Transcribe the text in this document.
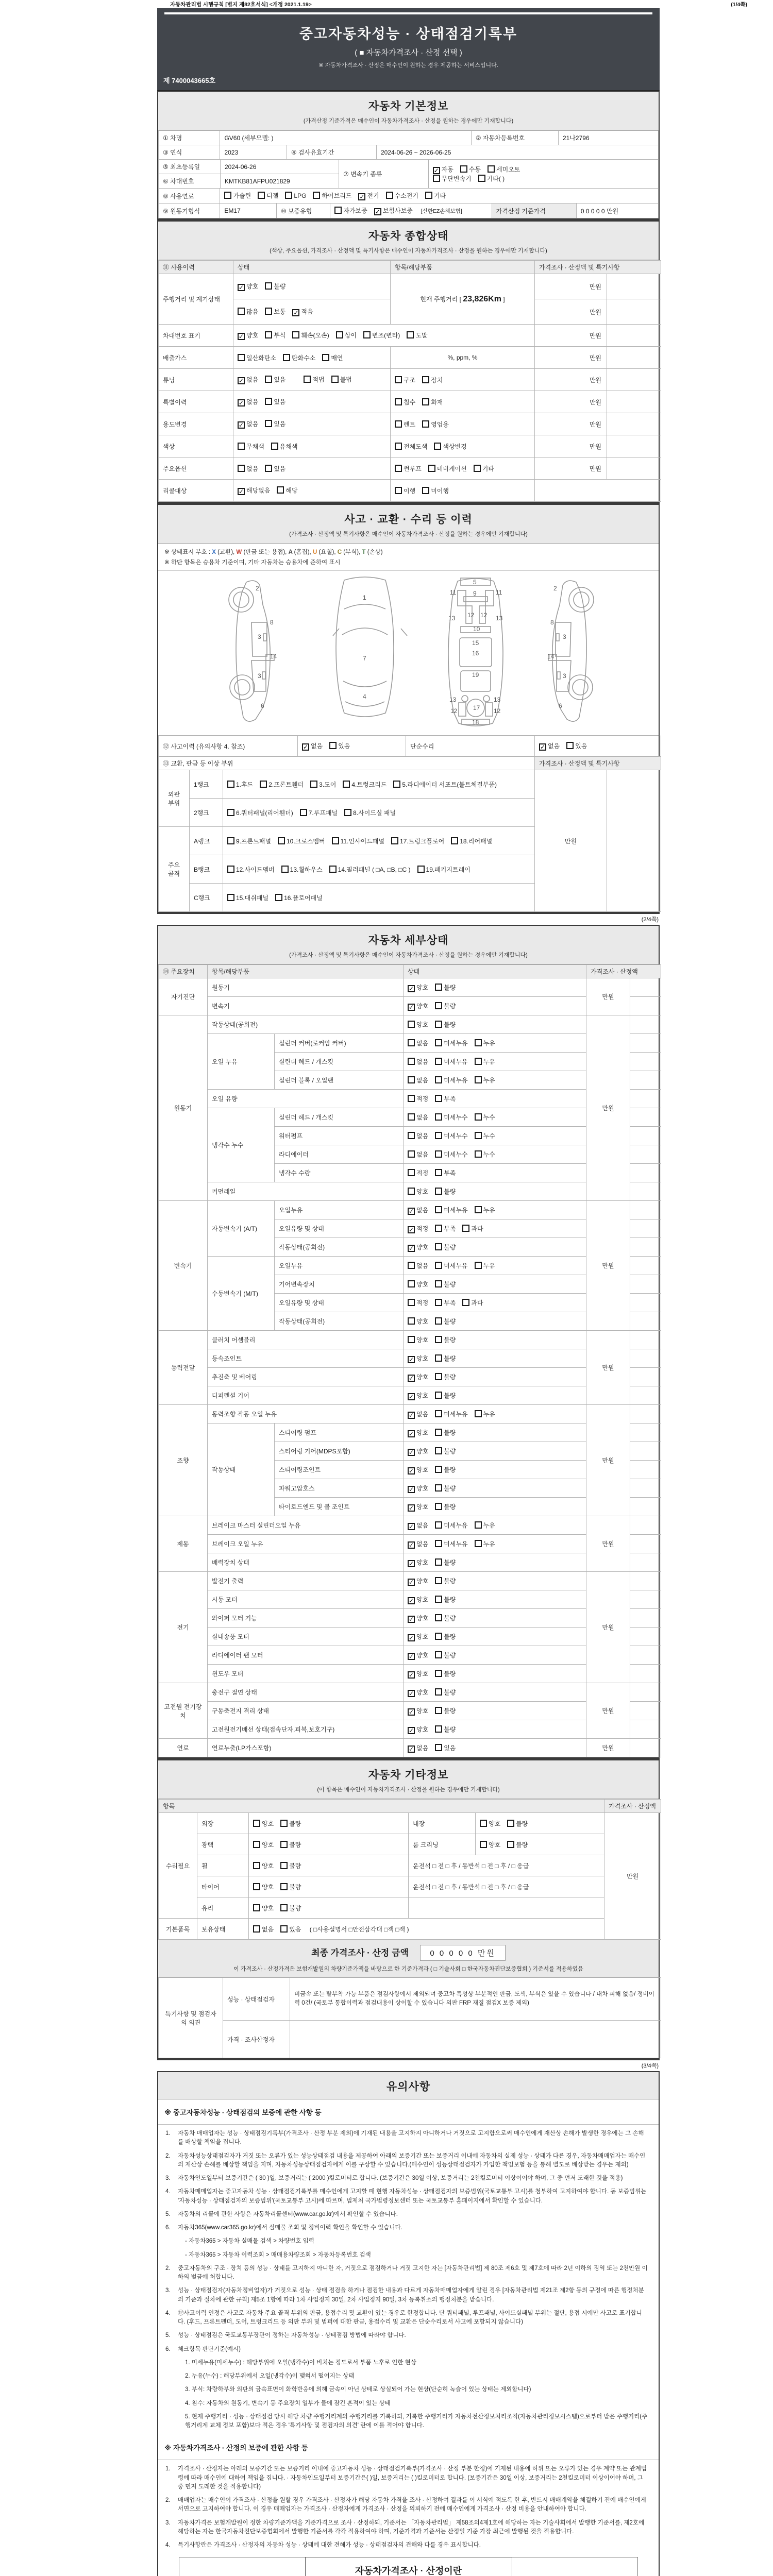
자동차관리법 시행규칙 [별지 제82호서식] <개정 2021.1.19>	(1/4쪽)
중고자동차성능 · 상태점검기록부
( ■ 자동차가격조사 · 산정 선택 )
※ 자동차가격조사 · 산정은 매수인이 원하는 경우 제공하는 서비스입니다.
제 7400043665호
자동차 기본정보
(가격산정 기준가격은 매수인이 자동차가격조사 · 산정을 원하는 경우에만 기재합니다)
① 차명	GV60 (세부모델: )	② 자동차등록번호	21나2796
③ 연식	2023	④ 검사유효기간	2024-06-26 ~ 2026-06-25
⑤ 최초등록일	2024-06-26
⑥ 차대번호	KMTKB81AFPU021829
⑦ 변속기 종류	✓ 자동	수동	세미오토
무단변속기	기타( )
⑧ 사용연료	가솔린	디젤	LPG	하이브리드 ✓ 전기	수소전기	기타
⑨ 원동기형식	EM17	⑩ 보증유형	자가보증 ✓ 보험사보증 [신한EZ손해보험]	가격산정 기준가격	0 0 0 0 0 만원
자동차 종합상태
(색상, 주요옵션, 가격조사 · 산정액 및 특기사항은 매수인이 자동차가격조사 · 산정을 원하는 경우에만 기재합니다)
⑪ 사용이력	상태	항목/해당부품	가격조사 · 산정액 및 특기사항	
주행거리 및 계기상태	✓ 양호 불량	현재 주행거리 [ 23,826Km ]	만원	
	많음 보통 ✓ 적음		만원	
차대번호 표기	✓ 양호 부식 훼손(오손) 상이 변조(변타) 도말		만원	
배출가스	일산화탄소 탄화수소 매연	%, ppm, %	만원	
튜닝	✓ 없음 있음 적법 불법	구조 장치	만원	
특별이력	✓ 없음 있음	침수 화재	만원	
용도변경	✓ 없음 있음	렌트 영업용	만원	
색상	무채색 유채색	전체도색 색상변경	만원	
주요옵션	없음 있음	썬루프 네비게이션 기타	만원	
리콜대상	✓ 해당없음 해당	이행 미이행		
사고 · 교환 · 수리 등 이력
(가격조사 · 산정액 및 특기사항은 매수인이 자동차가격조사 · 산정을 원하는 경우에만 기재합니다)
※ 상태표시 부호 : X (교환), W (판금 또는 용접), A (흠집), U (요철), C (부식), T (손상)
※ 하단 항목은 승용차 기준이며, 기타 자동차는 승용차에 준하여 표시
2
8
3
14
3
6
1
7
4
5
11	11
9
13	13
12 12
10
15
16
19
13	13
12	12
17
18
2
8
3
14
3
6
⑫ 사고이력 (유의사항 4. 참조)	✓ 없음	있음	단순수리	✓ 없음	있음
⑬ 교환, 판금 등 이상 부위			가격조사 · 산정액 및 특기사항	
외판
부위	1랭크	1.후드 2.프론트휀더 3.도어 4.트렁크리드 5.라디에이터 서포트(볼트체결부품)	만원	
	2랭크	6.쿼터패널(리어휀더) 7.루프패널 8.사이드실 패널		
주요
골격	A랭크	9.프론트패널 10.크로스멤버 11.인사이드패널 17.트렁크플로어 18.리어패널		
	B랭크	12.사이드멤버 13.휠하우스 14.필러패널 ( □A, □B, □C ) 19.패키지트레이		
	C랭크	15.대쉬패널 16.플로어패널		
(2/4쪽)
자동차 세부상태
(가격조사 · 산정액 및 특기사항은 매수인이 자동차가격조사 · 산정을 원하는 경우에만 기재합니다)
⑭ 주요장치	항목/해당부품		상태	가격조사 · 산정액	
자기진단	원동기		✓ 양호 불량	만원	
	변속기		✓ 양호 불량		
원동기	작동상태(공회전)		양호 불량	만원	
	오일 누유	실린더 커버(로커암 커버)	없음 미세누유 누유		
		실린더 헤드 / 개스킷	없음 미세누유 누유		
		실린더 블록 / 오일팬	없음 미세누유 누유		
	오일 유량		적정 부족		
	냉각수 누수	실린더 헤드 / 개스킷	없음 미세누수 누수		
		워터펌프	없음 미세누수 누수		
		라디에이터	없음 미세누수 누수		
		냉각수 수량	적정 부족		
	커먼레일		양호 불량		
변속기	자동변속기 (A/T)	오일누유	✓ 없음 미세누유 누유	만원	
		오일유량 및 상태	✓ 적정 부족 과다		
		작동상태(공회전)	✓ 양호 불량		
	수동변속기 (M/T)	오일누유	없음 미세누유 누유		
		기어변속장치	양호 불량		
		오일유량 및 상태	적정 부족 과다		
		작동상태(공회전)	양호 불량		
동력전달	클러치 어셈블리		양호 불량	만원	
	등속조인트		✓ 양호 불량		
	추진축 및 베어링		✓ 양호 불량		
	디퍼렌셜 기어		✓ 양호 불량		
조향	동력조향 작동 오일 누유		✓ 없음 미세누유 누유	만원	
	작동상태	스티어링 펌프	✓ 양호 불량		
		스티어링 기어(MDPS포함)	✓ 양호 불량		
		스티어링조인트	✓ 양호 불량		
		파워고압호스	✓ 양호 불량		
		타이로드엔드 및 볼 조인트	✓ 양호 불량		
제동	브레이크 마스터 실린더오일 누유		✓ 없음 미세누유 누유	만원	
	브레이크 오일 누유		✓ 없음 미세누유 누유		
	배력장치 상태		✓ 양호 불량		
전기	발전기 출력		✓ 양호 불량	만원	
	시동 모터		✓ 양호 불량		
	와이퍼 모터 기능		✓ 양호 불량		
	실내송풍 모터		✓ 양호 불량		
	라디에이터 팬 모터		✓ 양호 불량		
	윈도우 모터		✓ 양호 불량		
고전원 전기장치	충전구 절연 상태		✓ 양호 불량	만원	
	구동축전지 격리 상태		✓ 양호 불량		
	고전원전기배선 상태(접속단자,피복,보호기구)		✓ 양호 불량		
연료	연료누출(LP가스포함)		✓ 없음 있음	만원	
자동차 기타정보
(이 항목은 매수인이 자동차가격조사 · 산정을 원하는 경우에만 기재합니다)
항목					가격조사 · 산정액
수리필요	외장	양호 불량	내장	양호 불량	만원
	광택	양호 불량	룸 크리닝	양호 불량	
	휠	양호 불량	운전석 □ 전 □ 후 / 동반석 □ 전 □ 후 / □ 응급		
	타이어	양호 불량	운전석 □ 전 □ 후 / 동반석 □ 전 □ 후 / □ 응급		
	유리	양호 불량			
기본품목	보유상태	없음 있음 ( □사용설명서 □안전삼각대 □잭 □잭 )			
최종 가격조사 · 산정 금액	0 0 0 0 0 만원
이 가격조사 · 산정가격은 보험개발원의 차량기준가액을 바탕으로 한 기준가격과 ( □ 기술사회 □ 한국자동차진단보증협회 ) 기준서를 적용하였음
특기사항 및 점검자의 의견	성능 · 상태점검자	비금속 또는 탈부착 가능 부품은 점검사항에서 제외되며 중고차 특성상 부분적인 판금, 도색, 부식은 있을 수 있습니다 / 내차 피해 없음/ 정비이력 0건/ (국토부 통합이력과 점검내용이 상이할 수 있습니다 외판 FRP 재질 점검X 보증 제외)
	가격 · 조사산정자	
(3/4쪽)
유의사항
※ 중고자동차성능 · 상태점검의 보증에 관한 사항 등
1.	자동차 매매업자는 성능 · 상태점검기록부(가격조사 · 산정 부분 제외)에 기재된 내용을 고지하지 아니하거나 거짓으로 고지함으로써 매수인에게 재산상 손해가 발생한 경우에는 그 손해를 배상할 책임을 집니다.
2.	자동차성능상태점검자가 거짓 또는 오류가 있는 성능상태점검 내용을 제공하여 아래의 보증기간 또는 보증거리 이내에 자동차의 실제 성능 · 상태가 다른 경우, 자동차매매업자는 매수인의 재산상 손해를 배상할 책임을 지며, 자동차성능상태점검자에게 이를 구상할 수 있습니다.(매수인이 성능상태점검자가 가입한 책임보험 등을 통해 별도로 배상받는 경우는 제외)
3.	자동차인도일부터 보증기간은 ( 30 )일, 보증거리는 ( 2000 )킬로미터로 합니다. (보증기간은 30일 이상, 보증거리는 2천킬로미터 이상이어야 하며, 그 중 먼저 도래한 것을 적용)
4.	자동차매매업자는 중고자동차 성능 · 상태점검기록부를 매수인에게 고지할 때 현행 자동차성능 · 상태점검자의 보증범위(국토교통부 고시)를 첨부하여 고지하여야 합니다. 동 보증범위는 '자동차성능 · 상태점검자의 보증범위'(국토교통부 고시)에 따르며, 법제처 국가법령정보센터 또는 국토교통부 홈페이지에서 확인할 수 있습니다.
5.	자동차의 리콜에 관한 사항은 자동차리콜센터(www.car.go.kr)에서 확인할 수 있습니다.
6.	자동차365(www.car365.go.kr)에서 실매물 조회 및 정비이력 확인을 확인할 수 있습니다.
- 자동차365 > 자동차 실매물 검색 > 차량번호 입력
- 자동차365 > 자동차 이력조회 > 매매용차량조회 > 자동차등록번호 검색
2.	중고자동차의 구조 · 장치 등의 성능 · 상태를 고지하지 아니한 자, 거짓으로 점검하거나 거짓 고지한 자는 [자동차관리법] 제 80조 제6호 및 제7호에 따라 2년 이하의 징역 또는 2천만원 이하의 벌금에 처합니다.
3.	성능 · 상태점검자(자동차정비업자)가 거짓으로 성능 · 상태 점검을 하거나 점검한 내용과 다르게 자동차매매업자에게 알린 경우 [자동차관리법 제21조 제2항 등의 규정에 따른 행정처분의 기준과 절차에 관한 규칙] 제5조 1항에 따라 1차 사업정지 30일, 2차 사업정지 90일, 3차 등록취소의 행정처분을 받습니다.
4.	⑫사고이력 인정은 사고로 자동차 주요 골격 부위의 판금, 용접수리 및 교환이 있는 경우로 한정합니다. 단 쿼터패널, 루프패널, 사이드실패널 부위는 절단, 용접 시에만 사고로 표기합니다. (후드, 프론트펜더, 도어, 트렁크리드 등 외판 부위 및 범퍼에 대한 판금, 용접수리 및 교환은 단순수리로서 사고에 포함되지 않습니다)
5.	성능 · 상태점검은 국토교통부장관이 정하는 자동차성능 · 상태점검 방법에 따라야 합니다.
6.	체크항목 판단기준(예시)
1. 미세누유(미세누수) : 해당부위에 오일(냉각수)이 비치는 정도로서 부품 노후로 인한 현상
2. 누유(누수) : 해당부위에서 오일(냉각수)이 맺혀서 떨어지는 상태
3. 부식: 차량하부와 외판의 금속표면이 화학반응에 의해 금속이 아닌 상태로 상실되어 가는 현상(단순히 녹슬어 있는 상태는 제외합니다)
4. 침수: 자동차의 원동기, 변속기 등 주요장치 일부가 물에 잠긴 흔적이 있는 상태
5. 현재 주행거리 · 성능 · 상태점검 당시 해당 차량 주행거리계의 주행거리를 기록하되, 기록한 주행거리가 자동차전산정보처리조직(자동차관리정보시스템)으로부터 받은 주행거리(주행거리계 교체 정보 포함)보다 적은 경우 '특기사항 및 점검자의 의견' 란에 이를 적어야 합니다.
※ 자동차가격조사 · 산정의 보증에 관한 사항 등
1.	가격조사 · 산정자는 아래의 보증기간 또는 보증거리 이내에 중고자동차 성능 · 상태점검기록부(가격조사 · 산정 부분 한정)에 기재된 내용에 허위 또는 오류가 있는 경우 계약 또는 관계법령에 따라 매수인에 대하여 책임을 집니다. · 자동차인도일부터 보증기간은( )일, 보증거리는 ( )킬로미터로 합니다. (보증기간은 30일 이상, 보증거리는 2천킬로미터 이상이어야 하며, 그 중 먼저 도래한 것을 적용합니다)
2.	매매업자는 매수인이 가격조사 · 산정을 원할 경우 가격조사 · 산정자가 해당 자동차 가격을 조사 · 산정하여 결과를 이 서식에 적도록 한 후, 반드시 매매계약을 체결하기 전에 매수인에게 서면으로 고지하여야 합니다. 이 경우 매매업자는 가격조사 · 산정자에게 가격조사 · 산정을 의뢰하기 전에 매수인에게 가격조사 · 산정 비용을 안내하여야 합니다.
3.	자동차가격은 보험개발원이 정한 차량기준가액을 기준가격으로 조사 · 산정하되, 기준서는 「자동차관리법」 제58조의4제1호에 해당하는 자는 기술사회에서 발행한 기준서를, 제2호에 해당하는 자는 한국자동차진단보증협회에서 발행한 기준서를 각각 적용하여야 하며, 기준가격과 기준서는 산정일 기준 가장 최근에 발행된 것을 적용합니다.
4.	특기사항란은 가격조사 · 산정자의 자동차 성능 · 상태에 대한 견해가 성능 · 상태점검자의 견해와 다를 경우 표시합니다.
자동차가격조사 · 산정이란
